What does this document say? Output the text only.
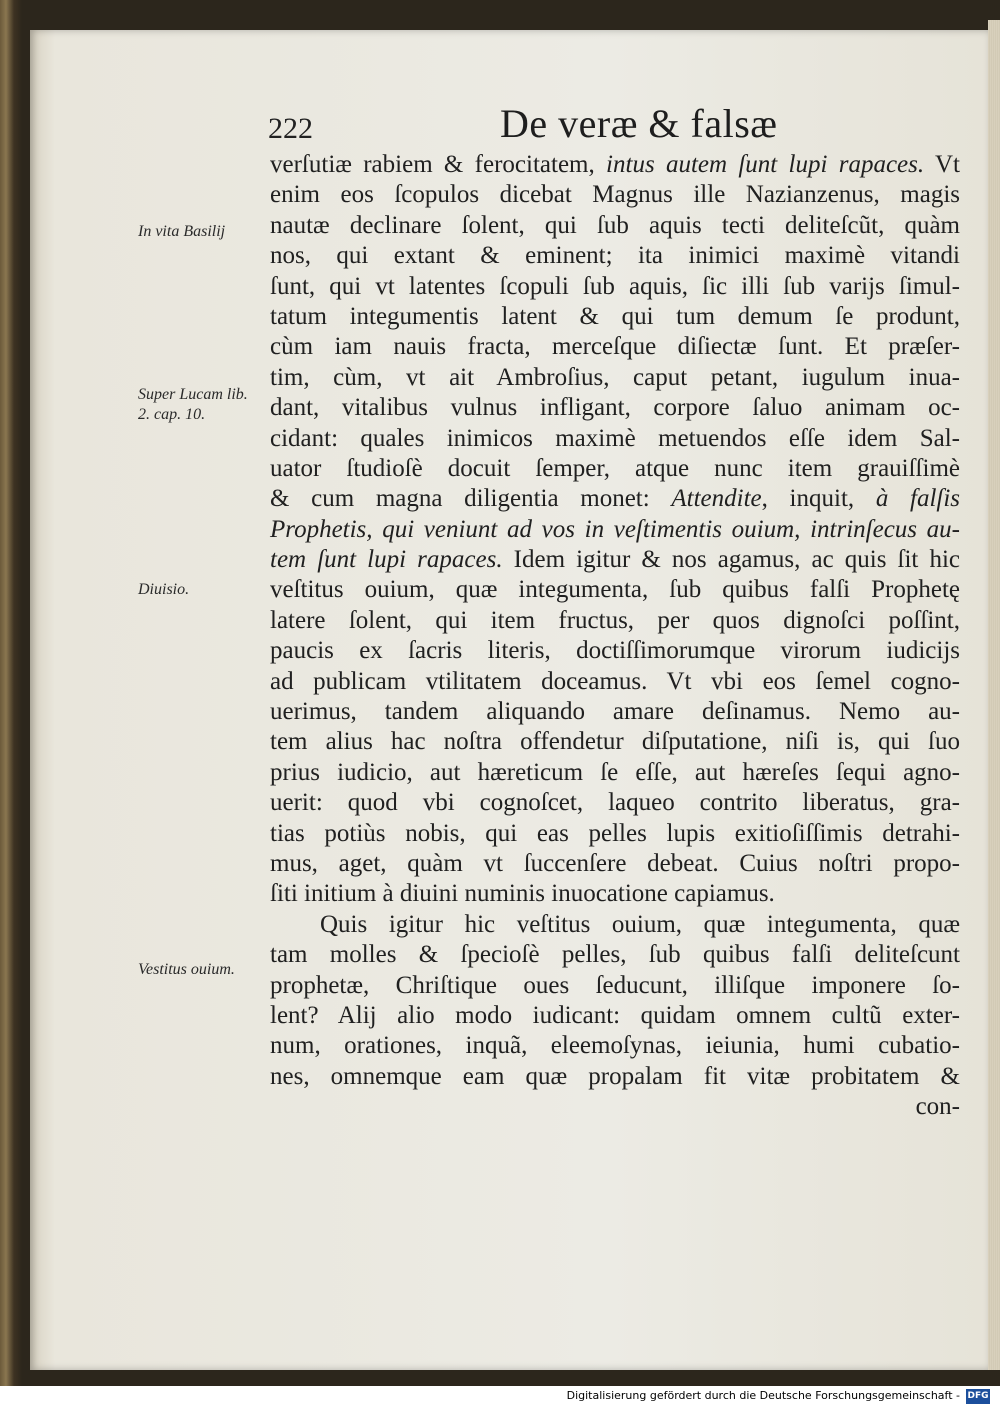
222	De veræ & falsæ
In vita Basilij
Super Lucam lib. 2. cap. 10.
Diuisio.
Vestitus ouium.
verſutiæ rabiem & ferocitatem, intus autem ſunt lupi rapaces. Vt
enim eos ſcopulos dicebat Magnus ille Nazianzenus, magis
nautæ declinare ſolent, qui ſub aquis tecti deliteſcũt, quàm
nos, qui extant & eminent; ita inimici maximè vitandi
ſunt, qui vt latentes ſcopuli ſub aquis, ſic illi ſub varijs ſimul-
tatum integumentis latent & qui tum demum ſe produnt,
cùm iam nauis fracta, merceſque diſiectæ ſunt. Et præſer-
tim, cùm, vt ait Ambroſius, caput petant, iugulum inua-
dant, vitalibus vulnus infligant, corpore ſaluo animam oc-
cidant: quales inimicos maximè metuendos eſſe idem Sal-
uator ſtudioſè docuit ſemper, atque nunc item grauiſſimè
& cum magna diligentia monet: Attendite, inquit, à falſis
Prophetis, qui veniunt ad vos in veſtimentis ouium, intrinſecus au-
tem ſunt lupi rapaces. Idem igitur & nos agamus, ac quis ſit hic
veſtitus ouium, quæ integumenta, ſub quibus falſi Prophetę
latere ſolent, qui item fructus, per quos dignoſci poſſint,
paucis ex ſacris literis, doctiſſimorumque virorum iudicijs
ad publicam vtilitatem doceamus. Vt vbi eos ſemel cogno-
uerimus, tandem aliquando amare deſinamus. Nemo au-
tem alius hac noſtra offendetur diſputatione, niſi is, qui ſuo
prius iudicio, aut hæreticum ſe eſſe, aut hæreſes ſequi agno-
uerit: quod vbi cognoſcet, laqueo contrito liberatus, gra-
tias potiùs nobis, qui eas pelles lupis exitioſiſſimis detrahi-
mus, aget, quàm vt ſuccenſere debeat. Cuius noſtri propo-
ſiti initium à diuini numinis inuocatione capiamus.
Quis igitur hic veſtitus ouium, quæ integumenta, quæ
tam molles & ſpecioſè pelles, ſub quibus falſi deliteſcunt
prophetæ, Chriſtique oues ſeducunt, illiſque imponere ſo-
lent? Alij alio modo iudicant: quidam omnem cultũ exter-
num, orationes, inquã, eleemoſynas, ieiunia, humi cubatio-
nes, omnemque eam quæ propalam fit vitæ probitatem &
con-
Digitalisierung gefördert durch die Deutsche Forschungsgemeinschaft - DFG
